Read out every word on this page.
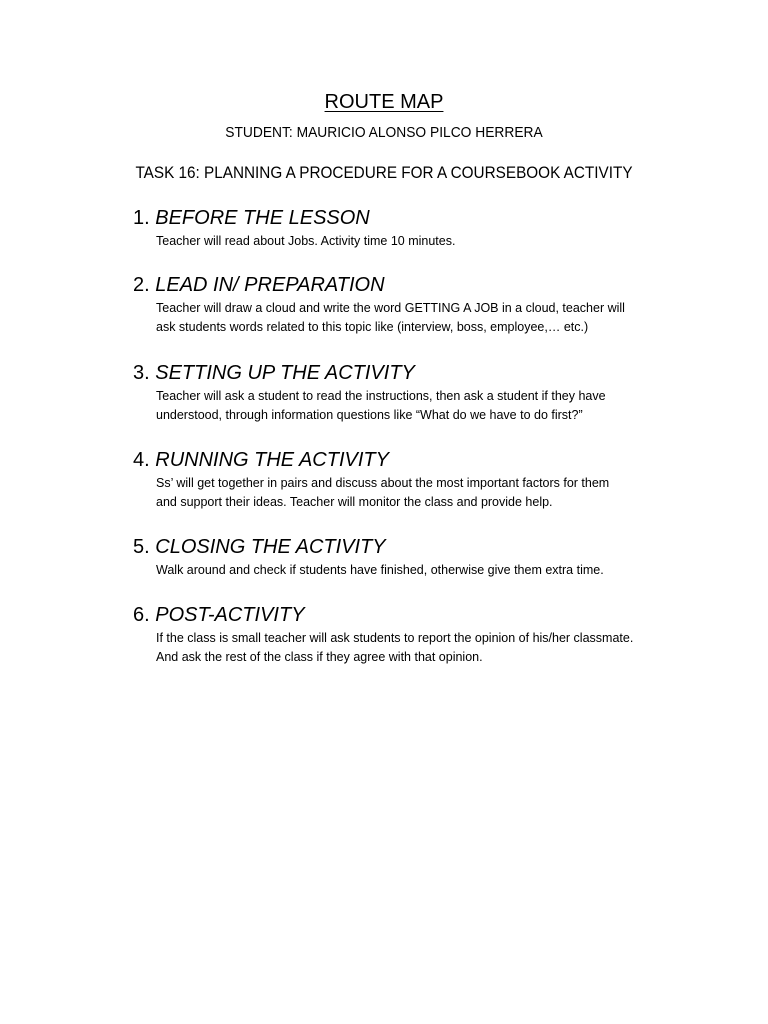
ROUTE MAP
STUDENT: MAURICIO ALONSO PILCO HERRERA
TASK 16: PLANNING A PROCEDURE FOR A COURSEBOOK ACTIVITY
1. BEFORE THE LESSON
Teacher will read about Jobs. Activity time 10 minutes.
2. LEAD IN/ PREPARATION
Teacher will draw a cloud and write the word GETTING A JOB in a cloud, teacher will
ask students words related to this topic like (interview, boss, employee,… etc.)
3. SETTING UP THE ACTIVITY
Teacher will ask a student to read the instructions, then ask a student if they have
understood, through information questions like “What do we have to do first?”
4. RUNNING THE ACTIVITY
Ss’ will get together in pairs and discuss about the most important factors for them
and support their ideas. Teacher will monitor the class and provide help.
5. CLOSING THE ACTIVITY
Walk around and check if students have finished, otherwise give them extra time.
6. POST-ACTIVITY
If the class is small teacher will ask students to report the opinion of his/her classmate.
And ask the rest of the class if they agree with that opinion.
